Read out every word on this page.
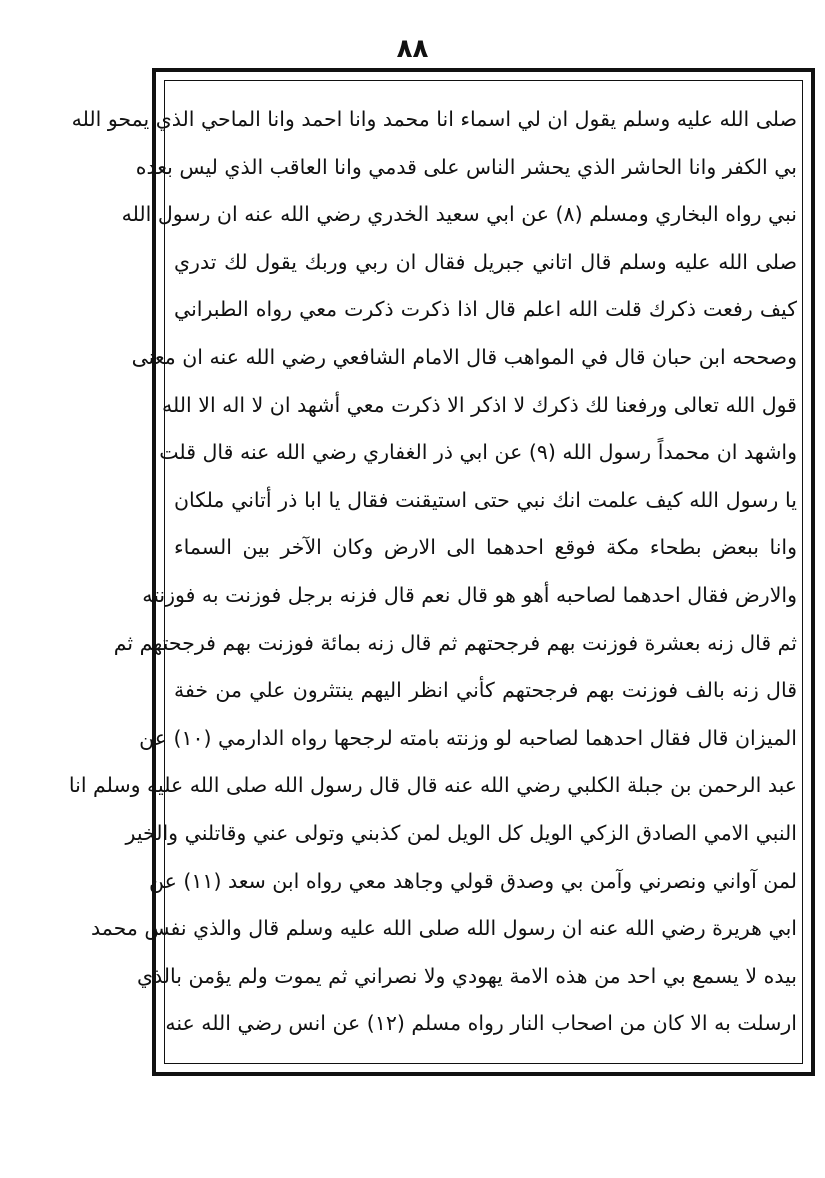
٨٨
صلى الله عليه وسلم يقول ان لي اسماء انا محمد وانا احمد وانا الماحي الذي يمحو الله
بي الكفر وانا الحاشر الذي يحشر الناس على قدمي وانا العاقب الذي ليس بعده
نبي رواه البخاري ومسلم (٨) عن ابي سعيد الخدري رضي الله عنه ان رسول الله
صلى الله عليه وسلم قال اتاني جبريل فقال ان ربي وربك يقول لك تدري
كيف رفعت ذكرك قلت الله اعلم قال اذا ذكرت ذكرت معي رواه الطبراني
وصححه ابن حبان قال في المواهب قال الامام الشافعي رضي الله عنه ان معنى
قول الله تعالى ورفعنا لك ذكرك لا اذكر الا ذكرت معي أشهد ان لا اله الا الله
واشهد ان محمداً رسول الله (٩) عن ابي ذر الغفاري رضي الله عنه قال قلت
يا رسول الله كيف علمت انك نبي حتى استيقنت فقال يا ابا ذر أتاني ملكان
وانا ببعض بطحاء مكة فوقع احدهما الى الارض وكان الآخر بين السماء
والارض فقال احدهما لصاحبه أهو هو قال نعم قال فزنه برجل فوزنت به فوزنته
ثم قال زنه بعشرة فوزنت بهم فرجحتهم ثم قال زنه بمائة فوزنت بهم فرجحتهم ثم
قال زنه بالف فوزنت بهم فرجحتهم كأني انظر اليهم ينتثرون علي من خفة
الميزان قال فقال احدهما لصاحبه لو وزنته بامته لرجحها رواه الدارمي (١٠) عن
عبد الرحمن بن جبلة الكلبي رضي الله عنه قال قال رسول الله صلى الله عليه وسلم انا
النبي الامي الصادق الزكي الويل كل الويل لمن كذبني وتولى عني وقاتلني والخير
لمن آواني ونصرني وآمن بي وصدق قولي وجاهد معي رواه ابن سعد (١١) عن
ابي هريرة رضي الله عنه ان رسول الله صلى الله عليه وسلم قال والذي نفس محمد
بيده لا يسمع بي احد من هذه الامة يهودي ولا نصراني ثم يموت ولم يؤمن بالذي
ارسلت به الا كان من اصحاب النار رواه مسلم (١٢) عن انس رضي الله عنه
